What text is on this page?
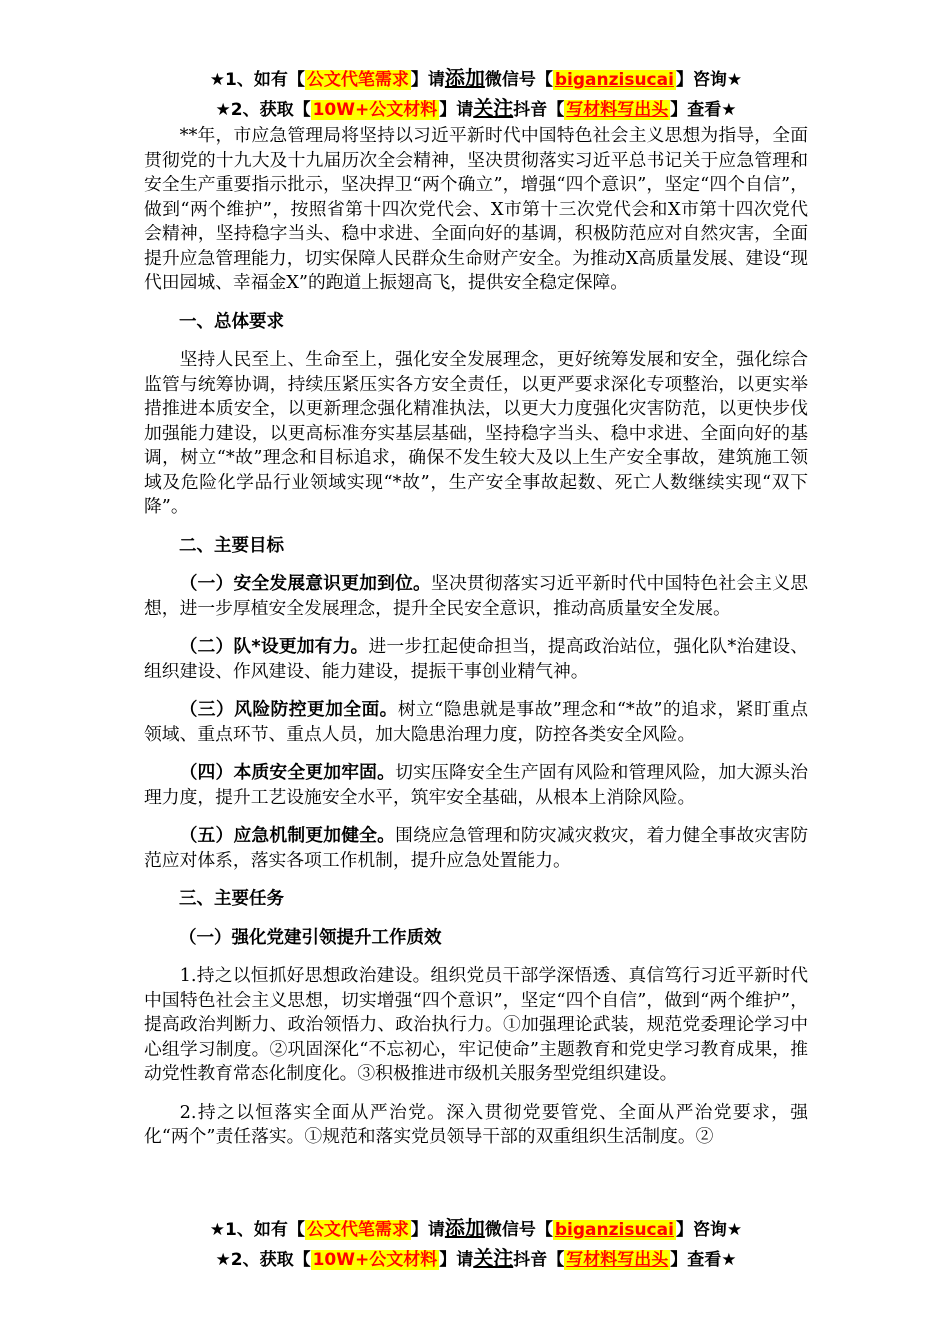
★1、如有【 公文代笔需求 】请添加微信号【 biganzisucai 】咨询★
★2、获取【 10W+公文材料 】请关注抖音【 写材料写出头 】查看★

**年，市应急管理局将坚持以习近平新时代中国特色社会主义思想为指导，全面贯彻党的十九大及十九届历次全会精神，坚决贯彻落实习近平总书记关于应急管理和安全生产重要指示批示，坚决捍卫“两个确立”，增强“四个意识”，坚定“四个自信”，做到“两个维护”，按照省第十四次党代会、X市第十三次党代会和X市第十四次党代会精神，坚持稳字当头、稳中求进、全面向好的基调，积极防范应对自然灾害，全面提升应急管理能力，切实保障人民群众生命财产安全。为推动X高质量发展、建设“现代田园城、幸福金X”的跑道上振翅高飞，提供安全稳定保障。

一、总体要求

坚持人民至上、生命至上，强化安全发展理念，更好统筹发展和安全，强化综合监管与统筹协调，持续压紧压实各方安全责任，以更严要求深化专项整治，以更实举措推进本质安全，以更新理念强化精准执法，以更大力度强化灾害防范，以更快步伐加强能力建设，以更高标准夯实基层基础，坚持稳字当头、稳中求进、全面向好的基调，树立“*故”理念和目标追求，确保不发生较大及以上生产安全事故，建筑施工领域及危险化学品行业领域实现“*故”，生产安全事故起数、死亡人数继续实现“双下降”。

二、主要目标

（一）安全发展意识更加到位。坚决贯彻落实习近平新时代中国特色社会主义思想，进一步厚植安全发展理念，提升全民安全意识，推动高质量安全发展。

（二）队*设更加有力。进一步扛起使命担当，提高政治站位，强化队*治建设、组织建设、作风建设、能力建设，提振干事创业精气神。

（三）风险防控更加全面。树立“隐患就是事故”理念和“*故”的追求，紧盯重点领域、重点环节、重点人员，加大隐患治理力度，防控各类安全风险。

（四）本质安全更加牢固。切实压降安全生产固有风险和管理风险，加大源头治理力度，提升工艺设施安全水平，筑牢安全基础，从根本上消除风险。

（五）应急机制更加健全。围绕应急管理和防灾减灾救灾，着力健全事故灾害防范应对体系，落实各项工作机制，提升应急处置能力。

三、主要任务

（一）强化党建引领提升工作质效

1.持之以恒抓好思想政治建设。组织党员干部学深悟透、真信笃行习近平新时代中国特色社会主义思想，切实增强“四个意识”，坚定“四个自信”，做到“两个维护”，提高政治判断力、政治领悟力、政治执行力。①加强理论武装，规范党委理论学习中心组学习制度。②巩固深化“不忘初心，牢记使命”主题教育和党史学习教育成果，推动党性教育常态化制度化。③积极推进市级机关服务型党组织建设。

2.持之以恒落实全面从严治党。深入贯彻党要管党、全面从严治党要求，强化“两个”责任落实。①规范和落实党员领导干部的双重组织生活制度。②

★1、如有【 公文代笔需求 】请添加微信号【 biganzisucai 】咨询★
★2、获取【 10W+公文材料 】请关注抖音【 写材料写出头 】查看★
